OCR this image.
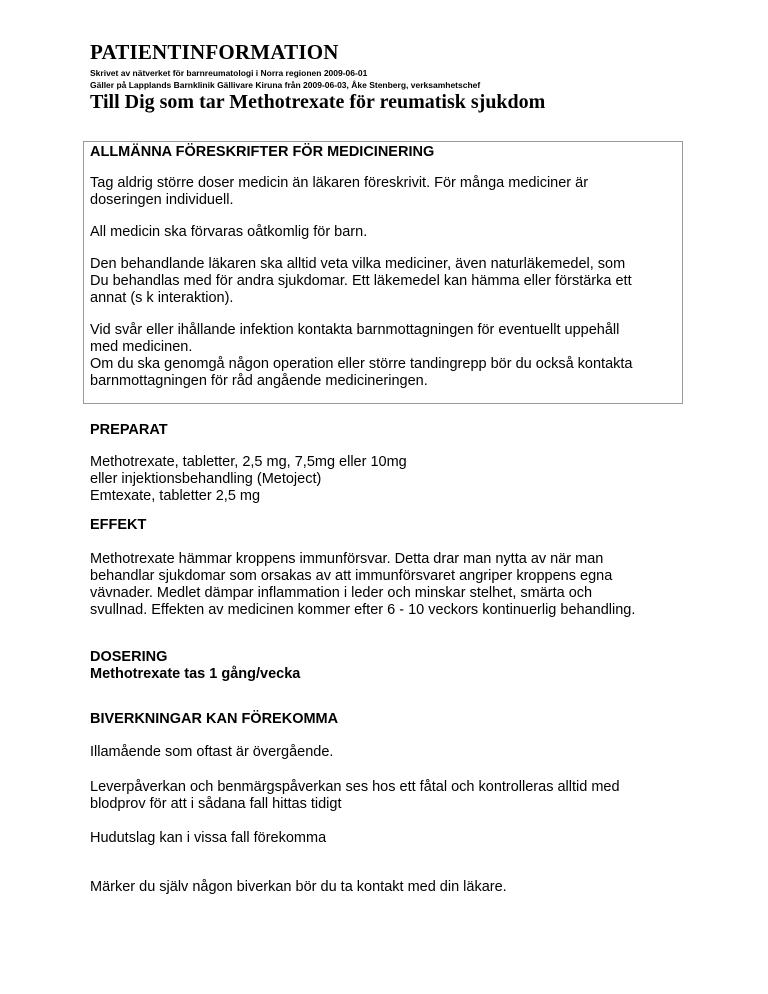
PATIENTINFORMATION

Skrivet av nätverket för barnreumatologi i Norra regionen 2009-06-01

Gäller på Lapplands Barnklinik Gällivare Kiruna från 2009-06-03, Åke Stenberg, verksamhetschef

Till Dig som tar Methotrexate för reumatisk sjukdom

ALLMÄNNA FÖRESKRIFTER FÖR MEDICINERING

Tag aldrig större doser medicin än läkaren föreskrivit. För många mediciner är

doseringen individuell.

All medicin ska förvaras oåtkomlig för barn.

Den behandlande läkaren ska alltid veta vilka mediciner, även naturläkemedel, som

Du behandlas med för andra sjukdomar. Ett läkemedel kan hämma eller förstärka ett

annat (s k interaktion).

Vid svår eller ihållande infektion kontakta barnmottagningen för eventuellt uppehåll

med medicinen.

Om du ska genomgå någon operation eller större tandingrepp bör du också kontakta

barnmottagningen för råd angående medicineringen.

PREPARAT

Methotrexate, tabletter, 2,5 mg, 7,5mg eller 10mg

eller injektionsbehandling (Metoject)

Emtexate, tabletter 2,5 mg

EFFEKT

Methotrexate hämmar kroppens immunförsvar. Detta drar man nytta av när man

behandlar sjukdomar som orsakas av att immunförsvaret angriper kroppens egna

vävnader. Medlet dämpar inflammation i leder och minskar stelhet, smärta och

svullnad. Effekten av medicinen kommer efter 6 - 10 veckors kontinuerlig behandling.

DOSERING

Methotrexate tas 1 gång/vecka

BIVERKNINGAR KAN FÖREKOMMA

Illamående som oftast är övergående.

Leverpåverkan och benmärgspåverkan ses hos ett fåtal och kontrolleras alltid med

blodprov för att i sådana fall hittas tidigt

Hudutslag kan i vissa fall förekomma

Märker du själv någon biverkan bör du ta kontakt med din läkare.
